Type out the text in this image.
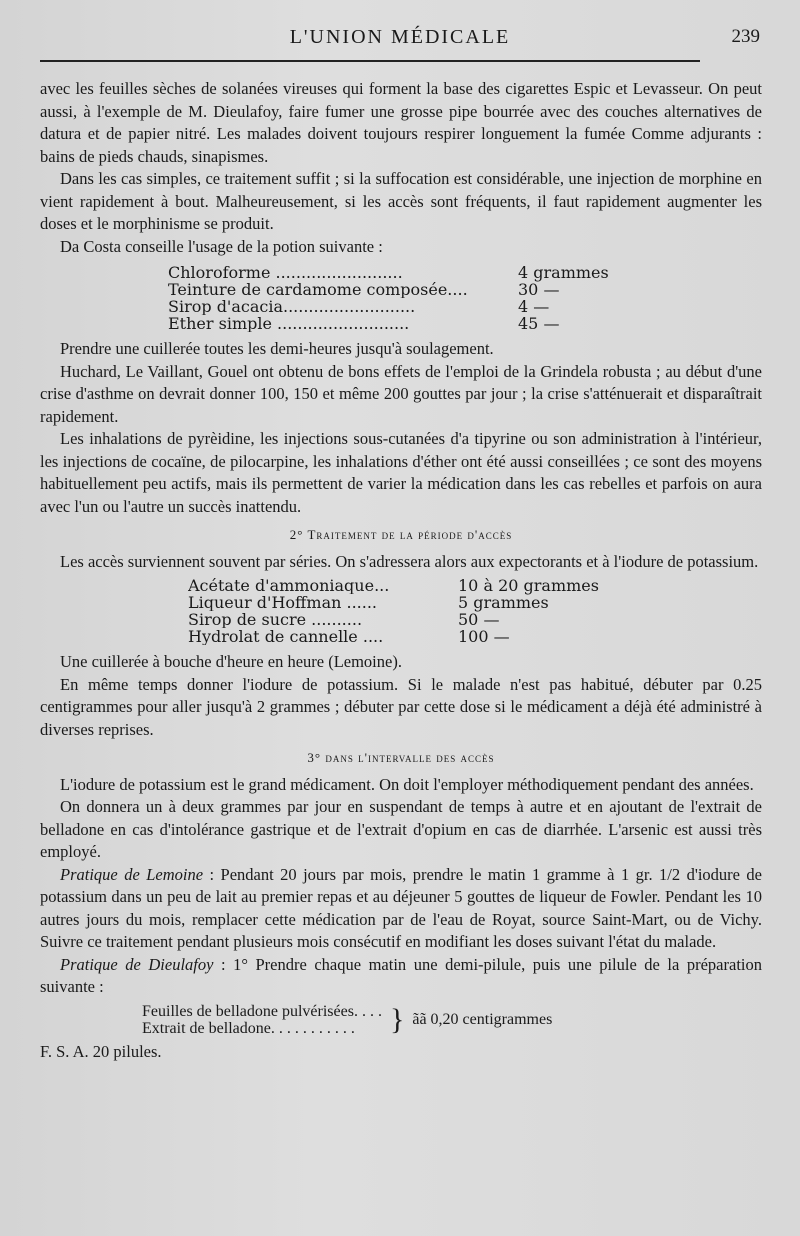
L'UNION MÉDICALE	239

avec les feuilles sèches de solanées vireuses qui forment la base des cigarettes Espic et Levasseur. On peut aussi, à l'exemple de M. Dieulafoy, faire fumer une grosse pipe bourrée avec des couches alternatives de datura et de papier nitré. Les malades doivent toujours respirer longuement la fumée Comme adjurants : bains de pieds chauds, sinapismes.

Dans les cas simples, ce traitement suffit ; si la suffocation est considérable, une injection de morphine en vient rapidement à bout. Malheureusement, si les accès sont fréquents, il faut rapidement augmenter les doses et le morphinisme se produit.

Da Costa conseille l'usage de la potion suivante :

Chloroforme .........................	4 grammes
Teinture de cardamome composée....	30 —
Sirop d'acacia..........................	4 —
Ether simple ..........................	45 —

Prendre une cuillerée toutes les demi-heures jusqu'à soulagement.

Huchard, Le Vaillant, Gouel ont obtenu de bons effets de l'emploi de la Grindela robusta ; au début d'une crise d'asthme on devrait donner 100, 150 et même 200 gouttes par jour ; la crise s'atténuerait et disparaîtrait rapidement.

Les inhalations de pyrèidine, les injections sous-cutanées d'a tipyrine ou son administration à l'intérieur, les injections de cocaïne, de pilocarpine, les inhalations d'éther ont été aussi conseillées ; ce sont des moyens habituellement peu actifs, mais ils permettent de varier la médication dans les cas rebelles et parfois on aura avec l'un ou l'autre un succès inattendu.

2° Traitement de la période d'accès

Les accès surviennent souvent par séries. On s'adressera alors aux expectorants et à l'iodure de potassium.

Acétate d'ammoniaque...	10 à 20 grammes
Liqueur d'Hoffman ......	5 grammes
Sirop de sucre ..........	50 —
Hydrolat de cannelle ....	100 —

Une cuillerée à bouche d'heure en heure (Lemoine).

En même temps donner l'iodure de potassium. Si le malade n'est pas habitué, débuter par 0.25 centigrammes pour aller jusqu'à 2 grammes ; débuter par cette dose si le médicament a déjà été administré à diverses reprises.

3° dans l'intervalle des accès

L'iodure de potassium est le grand médicament. On doit l'employer méthodiquement pendant des années.

On donnera un à deux grammes par jour en suspendant de temps à autre et en ajoutant de l'extrait de belladone en cas d'intolérance gastrique et de l'extrait d'opium en cas de diarrhée. L'arsenic est aussi très employé.

Pratique de Lemoine : Pendant 20 jours par mois, prendre le matin 1 gramme à 1 gr. 1/2 d'iodure de potassium dans un peu de lait au premier repas et au déjeuner 5 gouttes de liqueur de Fowler. Pendant les 10 autres jours du mois, remplacer cette médication par de l'eau de Royat, source Saint-Mart, ou de Vichy. Suivre ce traitement pendant plusieurs mois consécutif en modifiant les doses suivant l'état du malade.

Pratique de Dieulafoy : 1° Prendre chaque matin une demi-pilule, puis une pilule de la préparation suivante :

Feuilles de belladone pulvérisées. . . .
Extrait de belladone. . . . . . . . . . .	} ãã 0,20 centigrammes

F. S. A. 20 pilules.
